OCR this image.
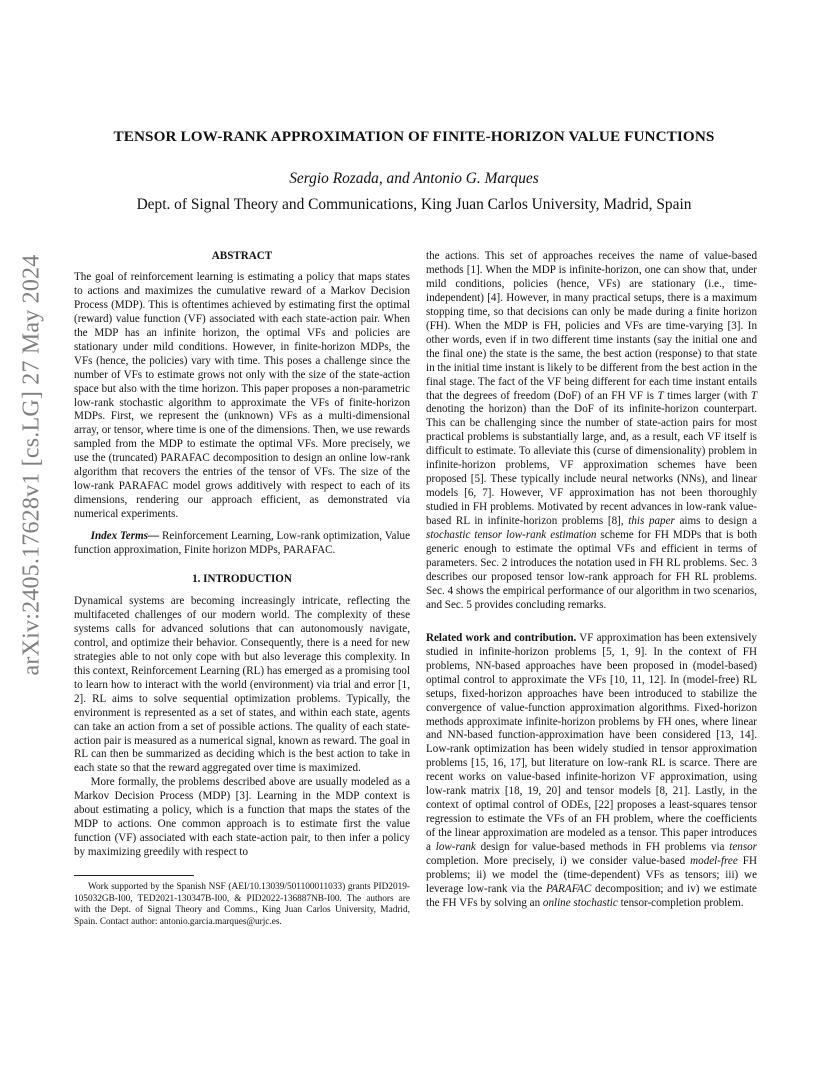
TENSOR LOW-RANK APPROXIMATION OF FINITE-HORIZON VALUE FUNCTIONS
Sergio Rozada, and Antonio G. Marques
Dept. of Signal Theory and Communications, King Juan Carlos University, Madrid, Spain
arXiv:2405.17628v1 [cs.LG] 27 May 2024	ABSTRACT

The goal of reinforcement learning is estimating a policy that maps states to actions and maximizes the cumulative reward of a Markov Decision Process (MDP). This is oftentimes achieved by estimating first the optimal (reward) value function (VF) associated with each state-action pair. When the MDP has an infinite horizon, the optimal VFs and policies are stationary under mild conditions. However, in finite-horizon MDPs, the VFs (hence, the policies) vary with time. This poses a challenge since the number of VFs to estimate grows not only with the size of the state-action space but also with the time horizon. This paper proposes a non-parametric low-rank stochastic algorithm to approximate the VFs of finite-horizon MDPs. First, we represent the (unknown) VFs as a multi-dimensional array, or tensor, where time is one of the dimensions. Then, we use rewards sampled from the MDP to estimate the optimal VFs. More precisely, we use the (truncated) PARAFAC decomposition to design an online low-rank algorithm that recovers the entries of the tensor of VFs. The size of the low-rank PARAFAC model grows additively with respect to each of its dimensions, rendering our approach efficient, as demonstrated via numerical experiments.

Index Terms— Reinforcement Learning, Low-rank optimization, Value function approximation, Finite horizon MDPs, PARAFAC.

1. INTRODUCTION

Dynamical systems are becoming increasingly intricate, reflecting the multifaceted challenges of our modern world. The complexity of these systems calls for advanced solutions that can autonomously navigate, control, and optimize their behavior. Consequently, there is a need for new strategies able to not only cope with but also leverage this complexity. In this context, Reinforcement Learning (RL) has emerged as a promising tool to learn how to interact with the world (environment) via trial and error [1, 2]. RL aims to solve sequential optimization problems. Typically, the environment is represented as a set of states, and within each state, agents can take an action from a set of possible actions. The quality of each state-action pair is measured as a numerical signal, known as reward. The goal in RL can then be summarized as deciding which is the best action to take in each state so that the reward aggregated over time is maximized.

More formally, the problems described above are usually modeled as a Markov Decision Process (MDP) [3]. Learning in the MDP context is about estimating a policy, which is a function that maps the states of the MDP to actions. One common approach is to estimate first the value function (VF) associated with each state-action pair, to then infer a policy by maximizing greedily with respect to

Work supported by the Spanish NSF (AEI/10.13039/501100011033) grants PID2019-105032GB-I00, TED2021-130347B-I00, & PID2022-136887NB-I00. The authors are with the Dept. of Signal Theory and Comms., King Juan Carlos University, Madrid, Spain. Contact author: antonio.garcia.marques@urjc.es.

the actions. This set of approaches receives the name of value-based methods [1]. When the MDP is infinite-horizon, one can show that, under mild conditions, policies (hence, VFs) are stationary (i.e., time-independent) [4]. However, in many practical setups, there is a maximum stopping time, so that decisions can only be made during a finite horizon (FH). When the MDP is FH, policies and VFs are time-varying [3]. In other words, even if in two different time instants (say the initial one and the final one) the state is the same, the best action (response) to that state in the initial time instant is likely to be different from the best action in the final stage. The fact of the VF being different for each time instant entails that the degrees of freedom (DoF) of an FH VF is T times larger (with T denoting the horizon) than the DoF of its infinite-horizon counterpart. This can be challenging since the number of state-action pairs for most practical problems is substantially large, and, as a result, each VF itself is difficult to estimate. To alleviate this (curse of dimensionality) problem in infinite-horizon problems, VF approximation schemes have been proposed [5]. These typically include neural networks (NNs), and linear models [6, 7]. However, VF approximation has not been thoroughly studied in FH problems. Motivated by recent advances in low-rank value-based RL in infinite-horizon problems [8], this paper aims to design a stochastic tensor low-rank estimation scheme for FH MDPs that is both generic enough to estimate the optimal VFs and efficient in terms of parameters. Sec. 2 introduces the notation used in FH RL problems. Sec. 3 describes our proposed tensor low-rank approach for FH RL problems. Sec. 4 shows the empirical performance of our algorithm in two scenarios, and Sec. 5 provides concluding remarks.

Related work and contribution. VF approximation has been extensively studied in infinite-horizon problems [5, 1, 9]. In the context of FH problems, NN-based approaches have been proposed in (model-based) optimal control to approximate the VFs [10, 11, 12]. In (model-free) RL setups, fixed-horizon approaches have been introduced to stabilize the convergence of value-function approximation algorithms. Fixed-horizon methods approximate infinite-horizon problems by FH ones, where linear and NN-based function-approximation have been considered [13, 14]. Low-rank optimization has been widely studied in tensor approximation problems [15, 16, 17], but literature on low-rank RL is scarce. There are recent works on value-based infinite-horizon VF approximation, using low-rank matrix [18, 19, 20] and tensor models [8, 21]. Lastly, in the context of optimal control of ODEs, [22] proposes a least-squares tensor regression to estimate the VFs of an FH problem, where the coefficients of the linear approximation are modeled as a tensor. This paper introduces a low-rank design for value-based methods in FH problems via tensor completion. More precisely, i) we consider value-based model-free FH problems; ii) we model the (time-dependent) VFs as tensors; iii) we leverage low-rank via the PARAFAC decomposition; and iv) we estimate the FH VFs by solving an online stochastic tensor-completion problem.
